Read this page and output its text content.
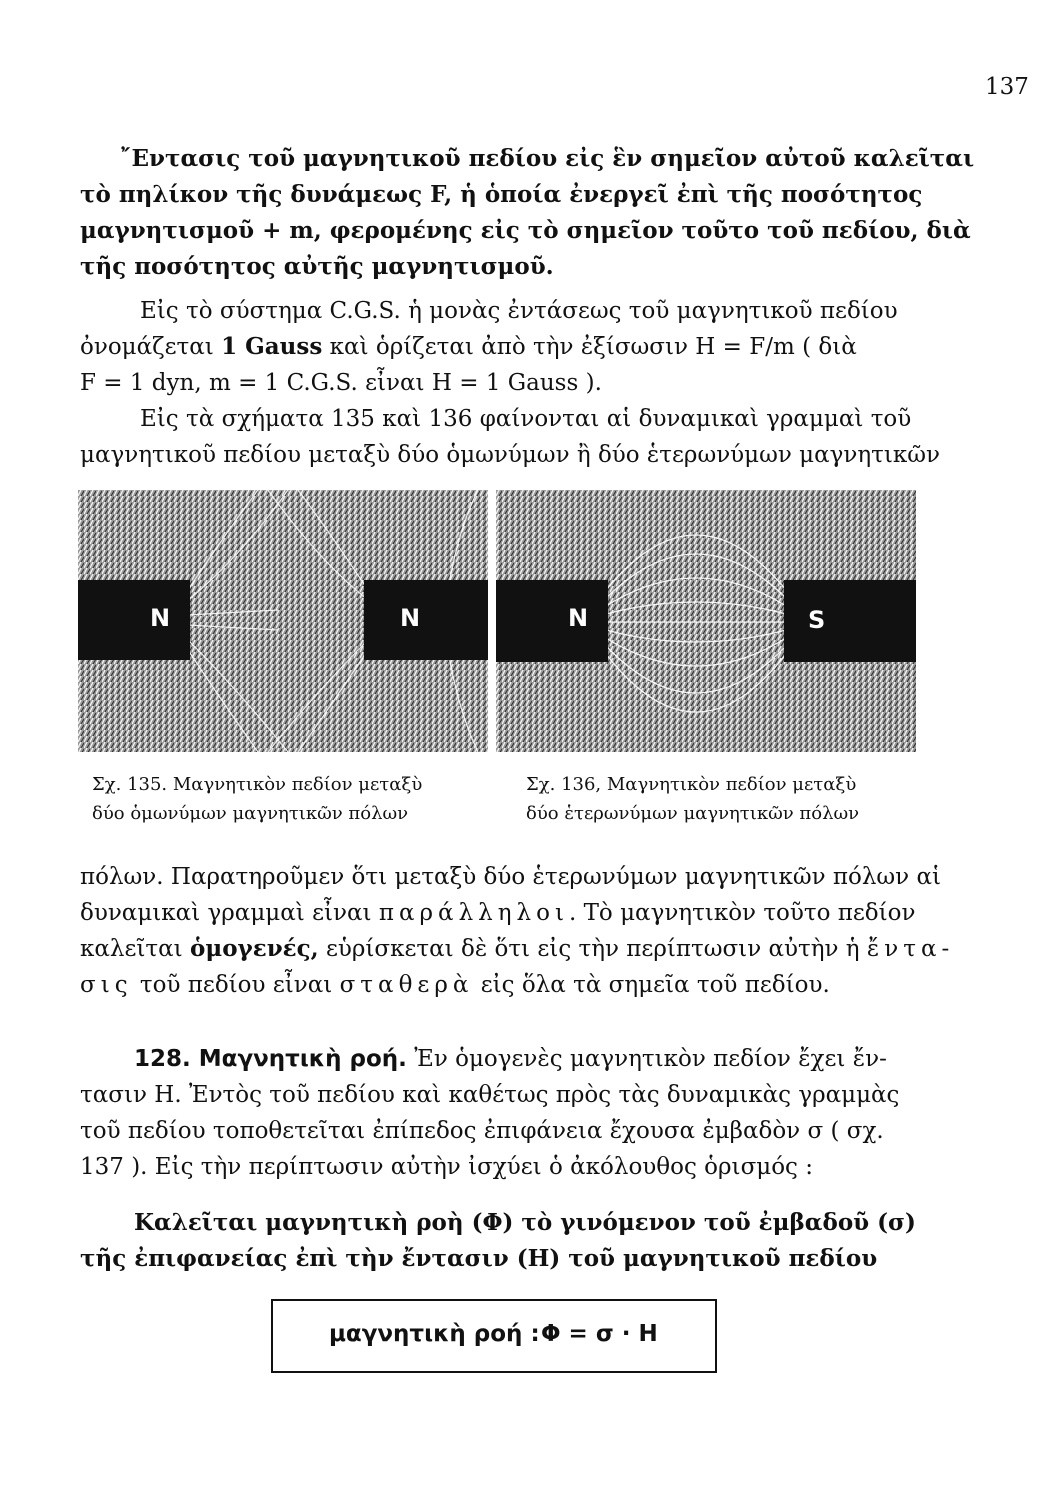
137
῎Εντασις τοῦ μαγνητικοῦ πεδίου εἰς ἓν σημεῖον αὐτοῦ καλεῖται
τὸ πηλίκον τῆς δυνάμεως F, ἡ ὁποία ἐνεργεῖ ἐπὶ τῆς ποσότητος
μαγνητισμοῦ + m, φερομένης εἰς τὸ σημεῖον τοῦτο τοῦ πεδίου, διὰ
τῆς ποσότητος αὐτῆς μαγνητισμοῦ.
Εἰς τὸ σύστημα C.G.S. ἡ μονὰς ἐντάσεως τοῦ μαγνητικοῦ πεδίου
ὀνομάζεται 1 Gauss καὶ ὁρίζεται ἀπὸ τὴν ἐξίσωσιν H = F/m ( διὰ
F = 1 dyn, m = 1 C.G.S. εἶναι H = 1 Gauss ).
Εἰς τὰ σχήματα 135 καὶ 136 φαίνονται αἱ δυναμικαὶ γραμμαὶ τοῦ
μαγνητικοῦ πεδίου μεταξὺ δύο ὁμωνύμων ἢ δύο ἑτερωνύμων μαγνητικῶν
N	N	N	S
Σχ. 135. Μαγνητικὸν πεδίον μεταξὺ
δύο ὁμωνύμων μαγνητικῶν πόλων
Σχ. 136, Μαγνητικὸν πεδίον μεταξὺ
δύο ἑτερωνύμων μαγνητικῶν πόλων
πόλων. Παρατηροῦμεν ὅτι μεταξὺ δύο ἑτερωνύμων μαγνητικῶν πόλων αἱ
δυναμικαὶ γραμμαὶ εἶναι παράλληλοι. Τὸ μαγνητικὸν τοῦτο πεδίον
καλεῖται ὁμογενές, εὑρίσκεται δὲ ὅτι εἰς τὴν περίπτωσιν αὐτὴν ἡ ἔντα-
σις τοῦ πεδίου εἶναι σταθερὰ εἰς ὅλα τὰ σημεῖα τοῦ πεδίου.
128. Μαγνητικὴ ροή. Ἐν ὁμογενὲς μαγνητικὸν πεδίον ἔχει ἔν-
τασιν H. Ἐντὸς τοῦ πεδίου καὶ καθέτως πρὸς τὰς δυναμικὰς γραμμὰς
τοῦ πεδίου τοποθετεῖται ἐπίπεδος ἐπιφάνεια ἔχουσα ἐμβαδὸν σ ( σχ.
137 ). Εἰς τὴν περίπτωσιν αὐτὴν ἰσχύει ὁ ἀκόλουθος ὁρισμός :
Καλεῖται μαγνητικὴ ροὴ (Φ) τὸ γινόμενον τοῦ ἐμβαδοῦ (σ)
τῆς ἐπιφανείας ἐπὶ τὴν ἔντασιν (H) τοῦ μαγνητικοῦ πεδίου
μαγνητικὴ ροή : Φ = σ · H
